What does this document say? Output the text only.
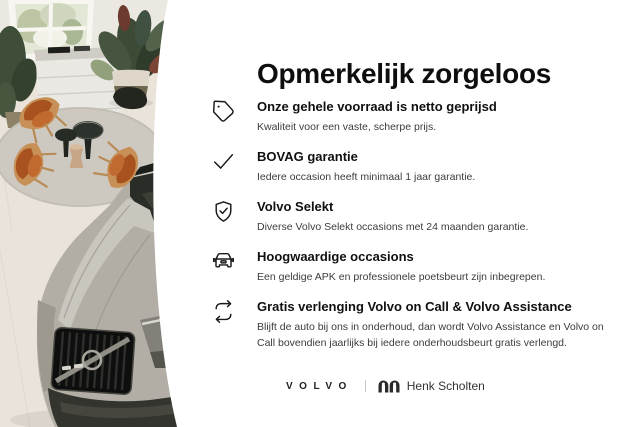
Opmerkelijk zorgeloos
Onze gehele voorraad is netto geprijsd
Kwaliteit voor een vaste, scherpe prijs.
BOVAG garantie
Iedere occasion heeft minimaal 1 jaar garantie.
Volvo Selekt
Diverse Volvo Selekt occasions met 24 maanden garantie.
Hoogwaardige occasions
Een geldige APK en professionele poetsbeurt zijn inbegrepen.
Gratis verlenging Volvo on Call & Volvo Assistance
Blijft de auto bij ons in onderhoud, dan wordt Volvo Assistance en Volvo on Call bovendien jaarlijks bij iedere onderhoudsbeurt gratis verlengd.
VOLVO	Henk Scholten
